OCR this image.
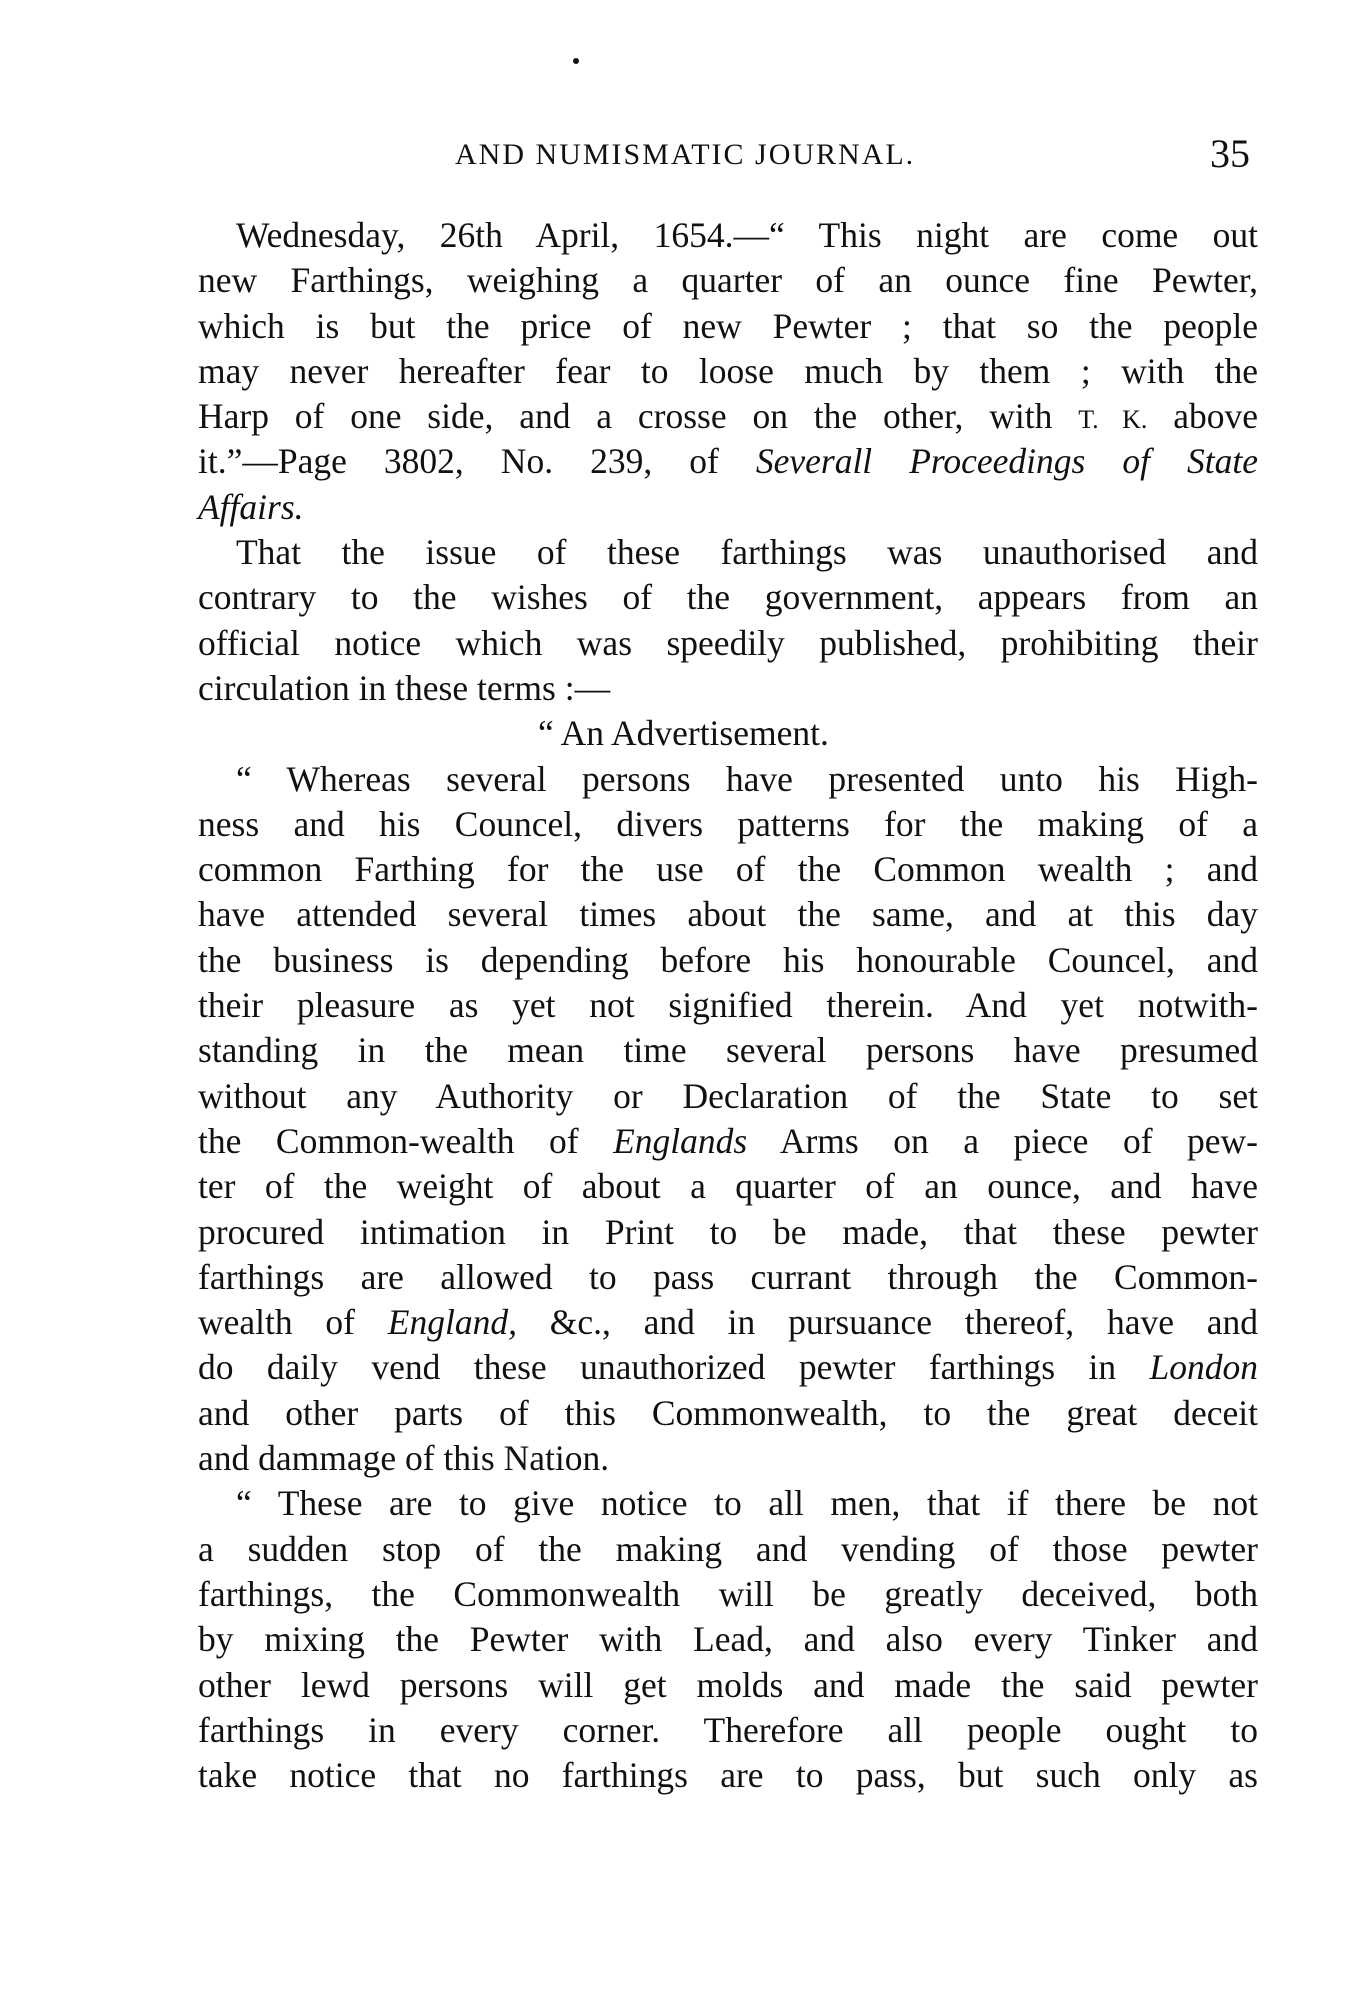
AND NUMISMATIC JOURNAL.	35
Wednesday, 26th April, 1654.—“ This night are come out
new Farthings, weighing a quarter of an ounce fine Pewter,
which is but the price of new Pewter ; that so the people
may never hereafter fear to loose much by them ; with the
Harp of one side, and a crosse on the other, with T. K. above
it.”—Page 3802, No. 239, of Severall Proceedings of State
Affairs.
That the issue of these farthings was unauthorised and
contrary to the wishes of the government, appears from an
official notice which was speedily published, prohibiting their
circulation in these terms :—
“ An Advertisement.
“ Whereas several persons have presented unto his High-
ness and his Councel, divers patterns for the making of a
common Farthing for the use of the Common wealth ; and
have attended several times about the same, and at this day
the business is depending before his honourable Councel, and
their pleasure as yet not signified therein. And yet notwith-
standing in the mean time several persons have presumed
without any Authority or Declaration of the State to set
the Common-wealth of Englands Arms on a piece of pew-
ter of the weight of about a quarter of an ounce, and have
procured intimation in Print to be made, that these pewter
farthings are allowed to pass currant through the Common-
wealth of England, &c., and in pursuance thereof, have and
do daily vend these unauthorized pewter farthings in London
and other parts of this Commonwealth, to the great deceit
and dammage of this Nation.
“ These are to give notice to all men, that if there be not
a sudden stop of the making and vending of those pewter
farthings, the Commonwealth will be greatly deceived, both
by mixing the Pewter with Lead, and also every Tinker and
other lewd persons will get molds and made the said pewter
farthings in every corner. Therefore all people ought to
take notice that no farthings are to pass, but such only as
